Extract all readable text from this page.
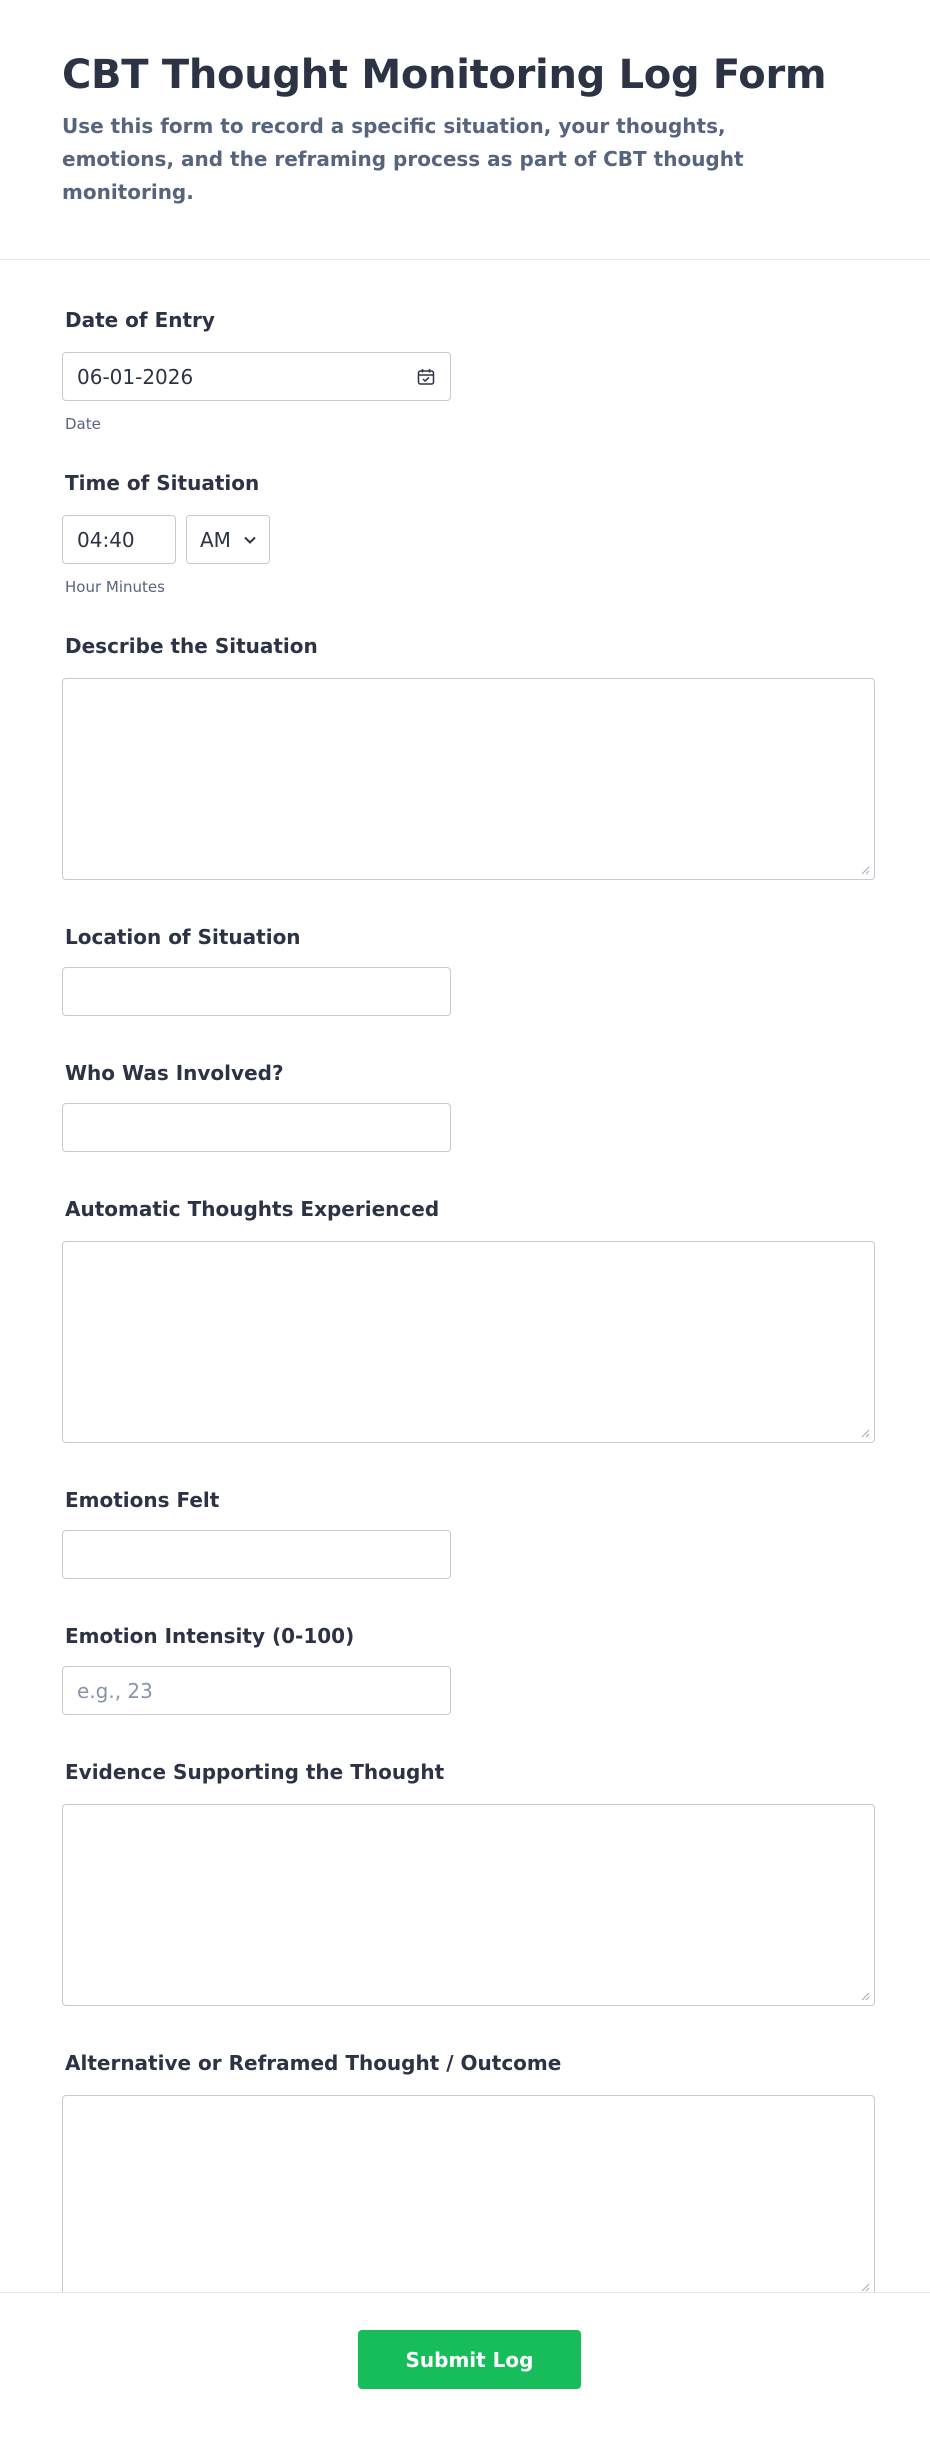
CBT Thought Monitoring Log Form

Use this form to record a specific situation, your thoughts, emotions, and the reframing process as part of CBT thought monitoring.

Date of Entry
06-01-2026
Date
Time of Situation
04:40	AM
Hour Minutes
Describe the Situation
Location of Situation
Who Was Involved?
Automatic Thoughts Experienced
Emotions Felt
Emotion Intensity (0-100)
e.g., 23
Evidence Supporting the Thought
Alternative or Reframed Thought / Outcome
Submit Log
